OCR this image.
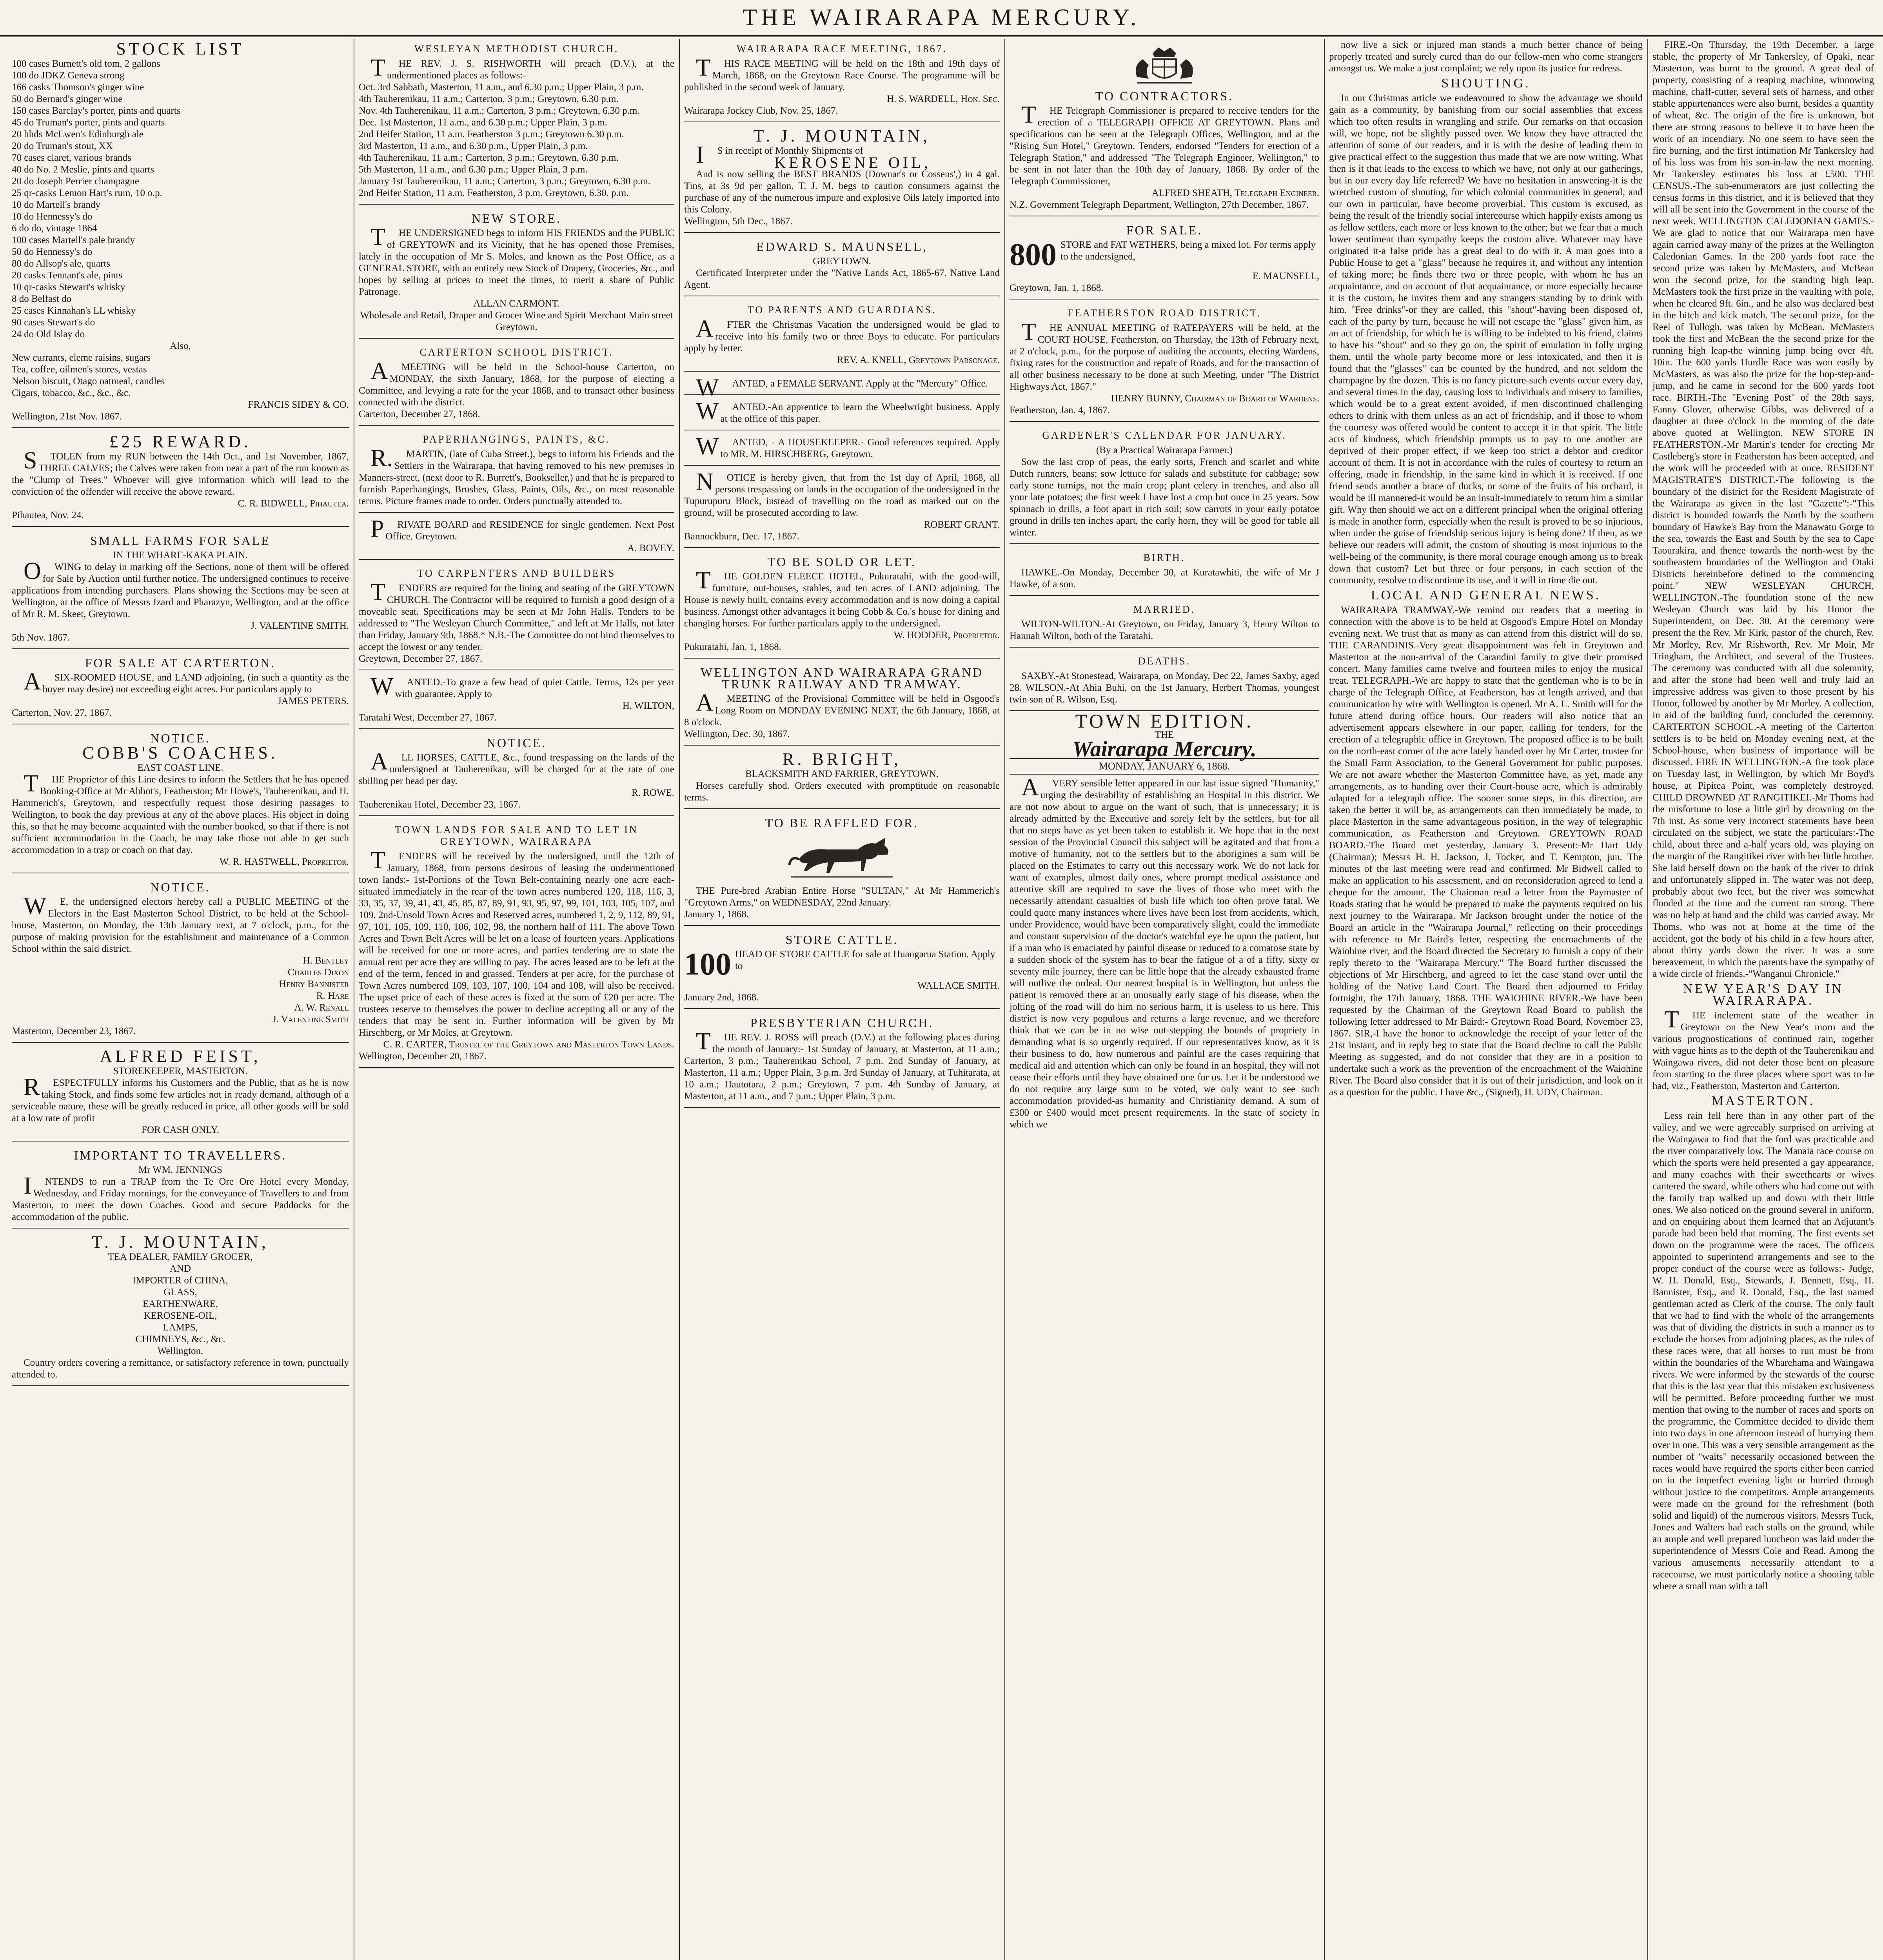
THE WAIRARAPA MERCURY.
STOCK LIST
100 cases Burnett's old tom, 2 gallons
100 do JDKZ Geneva strong
166 casks Thomson's ginger wine
50 do Bernard's ginger wine
150 cases Barclay's porter, pints and quarts
45 do Truman's porter, pints and quarts
20 hhds McEwen's Edinburgh ale
20 do Truman's stout, XX
70 cases claret, various brands
40 do No. 2 Meslie, pints and quarts
20 do Joseph Perrier champagne
25 qr-casks Lemon Hart's rum, 10 o.p.
10 do Martell's brandy
10 do Hennessy's do
6 do do, vintage 1864
100 cases Martell's pale brandy
50 do Hennessy's do
80 do Allsop's ale, quarts
20 casks Tennant's ale, pints
10 qr-casks Stewart's whisky
8 do Belfast do
25 cases Kinnahan's LL whisky
90 cases Stewart's do
24 do Old Islay do
Also,
New currants, eleme raisins, sugars
Tea, coffee, oilmen's stores, vestas
Nelson biscuit, Otago oatmeal, candles
Cigars, tobacco, &c., &c., &c.
FRANCIS SIDEY & CO.
Wellington, 21st Nov. 1867.
£25 REWARD.
STOLEN from my RUN between the 14th Oct., and 1st November, 1867, THREE CALVES; the Calves were taken from near a part of the run known as the "Clump of Trees." Whoever will give information which will lead to the conviction of the offender will receive the above reward.
C. R. BIDWELL, Pihautea.
Pihautea, Nov. 24.
SMALL FARMS FOR SALE
IN THE WHARE-KAKA PLAIN.
OWING to delay in marking off the Sections, none of them will be offered for Sale by Auction until further notice. The undersigned continues to receive applications from intending purchasers. Plans showing the Sections may be seen at Wellington, at the office of Messrs Izard and Pharazyn, Wellington, and at the office of Mr R. M. Skeet, Greytown.
J. VALENTINE SMITH.
5th Nov. 1867.
FOR SALE AT CARTERTON.
ASIX-ROOMED HOUSE, and LAND adjoining, (in such a quantity as the buyer may desire) not exceeding eight acres. For particulars apply to
JAMES PETERS.
Carterton, Nov. 27, 1867.
NOTICE.
COBB'S COACHES.
EAST COAST LINE.
THE Proprietor of this Line desires to inform the Settlers that he has opened Booking-Office at Mr Abbot's, Featherston; Mr Howe's, Tauherenikau, and H. Hammerich's, Greytown, and respectfully request those desiring passages to Wellington, to book the day previous at any of the above places. His object in doing this, so that he may become acquainted with the number booked, so that if there is not sufficient accommodation in the Coach, he may take those not able to get such accommodation in a trap or coach on that day.
W. R. HASTWELL, Proprietor.
NOTICE.
WE, the undersigned electors hereby call a PUBLIC MEETING of the Electors in the East Masterton School District, to be held at the School-house, Masterton, on Monday, the 13th January next, at 7 o'clock, p.m., for the purpose of making provision for the establishment and maintenance of a Common School within the said district.
H. Bentley
Charles Dixon
Henry Bannister
R. Hare
A. W. Renall
J. Valentine Smith
Masterton, December 23, 1867.
ALFRED FEIST,
STOREKEEPER, MASTERTON.
RESPECTFULLY informs his Customers and the Public, that as he is now taking Stock, and finds some few articles not in ready demand, although of a serviceable nature, these will be greatly reduced in price, all other goods will be sold at a low rate of profit
FOR CASH ONLY.
IMPORTANT TO TRAVELLERS.
Mr WM. JENNINGS
INTENDS to run a TRAP from the Te Ore Ore Hotel every Monday, Wednesday, and Friday mornings, for the conveyance of Travellers to and from Masterton, to meet the down Coaches. Good and secure Paddocks for the accommodation of the public.
T. J. MOUNTAIN,
TEA DEALER, FAMILY GROCER,
AND
IMPORTER of CHINA,
GLASS,
EARTHENWARE,
KEROSENE-OIL,
LAMPS,
CHIMNEYS, &c., &c.
Wellington.
Country orders covering a remittance, or satisfactory reference in town, punctually attended to.
WESLEYAN METHODIST CHURCH.
THE REV. J. S. RISHWORTH will preach (D.V.), at the undermentioned places as follows:-
Oct. 3rd Sabbath, Masterton, 11 a.m., and 6.30 p.m.; Upper Plain, 3 p.m.
4th Tauherenikau, 11 a.m.; Carterton, 3 p.m.; Greytown, 6.30 p.m.
Nov. 4th Tauherenikau, 11 a.m.; Carterton, 3 p.m.; Greytown, 6.30 p.m.
Dec. 1st Masterton, 11 a.m., and 6.30 p.m.; Upper Plain, 3 p.m.
2nd Heifer Station, 11 a.m. Featherston 3 p.m.; Greytown 6.30 p.m.
3rd Masterton, 11 a.m., and 6.30 p.m., Upper Plain, 3 p.m.
4th Tauherenikau, 11 a.m.; Carterton, 3 p.m.; Greytown, 6.30 p.m.
5th Masterton, 11 a.m., and 6.30 p.m.; Upper Plain, 3 p.m.
January 1st Tauherenikau, 11 a.m.; Carterton, 3 p.m.; Greytown, 6.30 p.m.
2nd Heifer Station, 11 a.m. Featherston, 3 p.m. Greytown, 6.30. p.m.
NEW STORE.
THE UNDERSIGNED begs to inform HIS FRIENDS and the PUBLIC of GREYTOWN and its Vicinity, that he has opened those Premises, lately in the occupation of Mr S. Moles, and known as the Post Office, as a GENERAL STORE, with an entirely new Stock of Drapery, Groceries, &c., and hopes by selling at prices to meet the times, to merit a share of Public Patronage.
ALLAN CARMONT.
Wholesale and Retail, Draper and Grocer Wine and Spirit Merchant Main street Greytown.
CARTERTON SCHOOL DISTRICT.
AMEETING will be held in the School-house Carterton, on MONDAY, the sixth January, 1868, for the purpose of electing a Committee, and levying a rate for the year 1868, and to transact other business connected with the district.
Carterton, December 27, 1868.
PAPERHANGINGS, PAINTS, &C.
R.MARTIN, (late of Cuba Street.), begs to inform his Friends and the Settlers in the Wairarapa, that having removed to his new premises in Manners-street, (next door to R. Burrett's, Bookseller,) and that he is prepared to furnish Paperhangings, Brushes, Glass, Paints, Oils, &c., on most reasonable terms. Picture frames made to order. Orders punctually attended to.
PRIVATE BOARD and RESIDENCE for single gentlemen. Next Post Office, Greytown.
A. BOVEY.
TO CARPENTERS AND BUILDERS
TENDERS are required for the lining and seating of the GREYTOWN CHURCH. The Contractor will be required to furnish a good design of a moveable seat. Specifications may be seen at Mr John Halls. Tenders to be addressed to "The Wesleyan Church Committee," and left at Mr Halls, not later than Friday, January 9th, 1868.* N.B.-The Committee do not bind themselves to accept the lowest or any tender.
Greytown, December 27, 1867.
WANTED.-To graze a few head of quiet Cattle. Terms, 12s per year with guarantee. Apply to
H. WILTON,
Taratahi West, December 27, 1867.
NOTICE.
ALL HORSES, CATTLE, &c., found trespassing on the lands of the undersigned at Tauherenikau, will be charged for at the rate of one shilling per head per day.
R. ROWE.
Tauherenikau Hotel, December 23, 1867.
TOWN LANDS FOR SALE AND TO LET IN GREYTOWN, WAIRARAPA
TENDERS will be received by the undersigned, until the 12th of January, 1868, from persons desirous of leasing the undermentioned town lands:- 1st-Portions of the Town Belt-containing nearly one acre each-situated immediately in the rear of the town acres numbered 120, 118, 116, 3, 33, 35, 37, 39, 41, 43, 45, 85, 87, 89, 91, 93, 95, 97, 99, 101, 103, 105, 107, and 109. 2nd-Unsold Town Acres and Reserved acres, numbered 1, 2, 9, 112, 89, 91, 97, 101, 105, 109, 110, 106, 102, 98, the northern half of 111. The above Town Acres and Town Belt Acres will be let on a lease of fourteen years. Applications will be received for one or more acres, and parties tendering are to state the annual rent per acre they are willing to pay. The acres leased are to be left at the end of the term, fenced in and grassed. Tenders at per acre, for the purchase of Town Acres numbered 109, 103, 107, 100, 104 and 108, will also be received. The upset price of each of these acres is fixed at the sum of £20 per acre. The trustees reserve to themselves the power to decline accepting all or any of the tenders that may be sent in. Further information will be given by Mr Hirschberg, or Mr Moles, at Greytown.
C. R. CARTER, Trustee of the Greytown and Masterton Town Lands.
Wellington, December 20, 1867.
WAIRARAPA RACE MEETING, 1867.
THIS RACE MEETING will be held on the 18th and 19th days of March, 1868, on the Greytown Race Course. The programme will be published in the second week of January.
H. S. WARDELL, Hon. Sec.
Wairarapa Jockey Club, Nov. 25, 1867.
T. J. MOUNTAIN,
IS in receipt of Monthly Shipments of
KEROSENE OIL,
And is now selling the BEST BRANDS (Downar's or Cossens',) in 4 gal. Tins, at 3s 9d per gallon. T. J. M. begs to caution consumers against the purchase of any of the numerous impure and explosive Oils lately imported into this Colony.
Wellington, 5th Dec., 1867.
EDWARD S. MAUNSELL,
GREYTOWN.
Certificated Interpreter under the "Native Lands Act, 1865-67. Native Land Agent.
TO PARENTS AND GUARDIANS.
AFTER the Christmas Vacation the undersigned would be glad to receive into his family two or three Boys to educate. For particulars apply by letter.
REV. A. KNELL, Greytown Parsonage.
WANTED, a FEMALE SERVANT. Apply at the "Mercury" Office.
WANTED.-An apprentice to learn the Wheelwright business. Apply at the office of this paper.
WANTED, - A HOUSEKEEPER.- Good references required. Apply to MR. M. HIRSCHBERG, Greytown.
NOTICE is hereby given, that from the 1st day of April, 1868, all persons trespassing on lands in the occupation of the undersigned in the Tupurupuru Block, instead of travelling on the road as marked out on the ground, will be prosecuted according to law.
ROBERT GRANT.
Bannockburn, Dec. 17, 1867.
TO BE SOLD OR LET.
THE GOLDEN FLEECE HOTEL, Pukuratahi, with the good-will, furniture, out-houses, stables, and ten acres of LAND adjoining. The House is newly built, contains every accommodation and is now doing a capital business. Amongst other advantages it being Cobb & Co.'s house for dining and changing horses. For further particulars apply to the undersigned.
W. HODDER, Proprietor.
Pukuratahi, Jan. 1, 1868.
WELLINGTON AND WAIRARAPA GRAND TRUNK RAILWAY AND TRAMWAY.
AMEETING of the Provisional Committee will be held in Osgood's Long Room on MONDAY EVENING NEXT, the 6th January, 1868, at 8 o'clock.
Wellington, Dec. 30, 1867.
R. BRIGHT,
BLACKSMITH AND FARRIER, GREYTOWN.
Horses carefully shod. Orders executed with promptitude on reasonable terms.
TO BE RAFFLED FOR.
THE Pure-bred Arabian Entire Horse "SULTAN," At Mr Hammerich's "Greytown Arms," on WEDNESDAY, 22nd January.
January 1, 1868.
STORE CATTLE.
100 HEAD OF STORE CATTLE for sale at Huangarua Station. Apply to
WALLACE SMITH.
January 2nd, 1868.
PRESBYTERIAN CHURCH.
THE REV. J. ROSS will preach (D.V.) at the following places during the month of January:- 1st Sunday of January, at Masterton, at 11 a.m.; Carterton, 3 p.m.; Tauherenikau School, 7 p.m. 2nd Sunday of January, at Masterton, 11 a.m.; Upper Plain, 3 p.m. 3rd Sunday of January, at Tuhitarata, at 10 a.m.; Hautotara, 2 p.m.; Greytown, 7 p.m. 4th Sunday of January, at Masterton, at 11 a.m., and 7 p.m.; Upper Plain, 3 p.m.
TO CONTRACTORS.
THE Telegraph Commissioner is prepared to receive tenders for the erection of a TELEGRAPH OFFICE AT GREYTOWN. Plans and specifications can be seen at the Telegraph Offices, Wellington, and at the "Rising Sun Hotel," Greytown. Tenders, endorsed "Tenders for erection of a Telegraph Station," and addressed "The Telegraph Engineer, Wellington," to be sent in not later than the 10th day of January, 1868. By order of the Telegraph Commissioner,
ALFRED SHEATH, Telegraph Engineer.
N.Z. Government Telegraph Department, Wellington, 27th December, 1867.
FOR SALE.
800 STORE and FAT WETHERS, being a mixed lot. For terms apply to the undersigned,
E. MAUNSELL,
Greytown, Jan. 1, 1868.
FEATHERSTON ROAD DISTRICT.
THE ANNUAL MEETING of RATEPAYERS will be held, at the COURT HOUSE, Featherston, on Thursday, the 13th of February next, at 2 o'clock, p.m., for the purpose of auditing the accounts, electing Wardens, fixing rates for the construction and repair of Roads, and for the transaction of all other business necessary to be done at such Meeting, under "The District Highways Act, 1867."
HENRY BUNNY, Chairman of Board of Wardens.
Featherston, Jan. 4, 1867.
GARDENER'S CALENDAR FOR JANUARY.
(By a Practical Wairarapa Farmer.)
Sow the last crop of peas, the early sorts, French and scarlet and white Dutch runners, beans; sow lettuce for salads and substitute for cabbage; sow early stone turnips, not the main crop; plant celery in trenches, and also all your late potatoes; the first week I have lost a crop but once in 25 years. Sow spinnach in drills, a foot apart in rich soil; sow carrots in your early potatoe ground in drills ten inches apart, the early horn, they will be good for table all winter.
BIRTH.
HAWKE.-On Monday, December 30, at Kuratawhiti, the wife of Mr J Hawke, of a son.
MARRIED.
WILTON-WILTON.-At Greytown, on Friday, January 3, Henry Wilton to Hannah Wilton, both of the Taratahi.
DEATHS.
SAXBY.-At Stonestead, Wairarapa, on Monday, Dec 22, James Saxby, aged 28. WILSON.-At Ahia Buhi, on the 1st January, Herbert Thomas, youngest twin son of R. Wilson, Esq.
TOWN EDITION.
THE
Wairarapa Mercury.
MONDAY, JANUARY 6, 1868.
AVERY sensible letter appeared in our last issue signed "Humanity," urging the desirability of establishing an Hospital in this district. We are not now about to argue on the want of such, that is unnecessary; it is already admitted by the Executive and sorely felt by the settlers, but for all that no steps have as yet been taken to establish it. We hope that in the next session of the Provincial Council this subject will be agitated and that from a motive of humanity, not to the settlers but to the aborigines a sum will be placed on the Estimates to carry out this necessary work. We do not lack for want of examples, almost daily ones, where prompt medical assistance and attentive skill are required to save the lives of those who meet with the necessarily attendant casualties of bush life which too often prove fatal. We could quote many instances where lives have been lost from accidents, which, under Providence, would have been comparatively slight, could the immediate and constant supervision of the doctor's watchful eye be upon the patient, but if a man who is emaciated by painful disease or reduced to a comatose state by a sudden shock of the system has to bear the fatigue of a of a fifty, sixty or seventy mile journey, there can be little hope that the already exhausted frame will outlive the ordeal. Our nearest hospital is in Wellington, but unless the patient is removed there at an unusually early stage of his disease, when the jolting of the road will do him no serious harm, it is useless to us here. This district is now very populous and returns a large revenue, and we therefore think that we can be in no wise out-stepping the bounds of propriety in demanding what is so urgently required. If our representatives know, as it is their business to do, how numerous and painful are the cases requiring that medical aid and attention which can only be found in an hospital, they will not cease their efforts until they have obtained one for us. Let it be understood we do not require any large sum to be voted, we only want to see such accommodation provided-as humanity and Christianity demand. A sum of £300 or £400 would meet present requirements. In the state of society in which we
now live a sick or injured man stands a much better chance of being properly treated and surely cured than do our fellow-men who come strangers amongst us. We make a just complaint; we rely upon its justice for redress.
SHOUTING.
In our Christmas article we endeavoured to show the advantage we should gain as a community, by banishing from our social assemblies that excess which too often results in wrangling and strife. Our remarks on that occasion will, we hope, not be slightly passed over. We know they have attracted the attention of some of our readers, and it is with the desire of leading them to give practical effect to the suggestion thus made that we are now writing. What then is it that leads to the excess to which we have, not only at our gatherings, but in our every day life referred? We have no hesitation in answering-it is the wretched custom of shouting, for which colonial communities in general, and our own in particular, have become proverbial. This custom is excused, as being the result of the friendly social intercourse which happily exists among us as fellow settlers, each more or less known to the other; but we fear that a much lower sentiment than sympathy keeps the custom alive. Whatever may have originated it-a false pride has a great deal to do with it. A man goes into a Public House to get a "glass" because he requires it, and without any intention of taking more; he finds there two or three people, with whom he has an acquaintance, and on account of that acquaintance, or more especially because it is the custom, he invites them and any strangers standing by to drink with him. "Free drinks"-or they are called, this "shout"-having been disposed of, each of the party by turn, because he will not escape the "glass" given him, as an act of friendship, for which he is willing to be indebted to his friend, claims to have his "shout" and so they go on, the spirit of emulation in folly urging them, until the whole party become more or less intoxicated, and then it is found that the "glasses" can be counted by the hundred, and not seldom the champagne by the dozen. This is no fancy picture-such events occur every day, and several times in the day, causing loss to individuals and misery to families, which would be to a great extent avoided, if men discontinued challenging others to drink with them unless as an act of friendship, and if those to whom the courtesy was offered would be content to accept it in that spirit. The little acts of kindness, which friendship prompts us to pay to one another are deprived of their proper effect, if we keep too strict a debtor and creditor account of them. It is not in accordance with the rules of courtesy to return an offering, made in friendship, in the same kind in which it is received. If one friend sends another a brace of ducks, or some of the fruits of his orchard, it would be ill mannered-it would be an insult-immediately to return him a similar gift. Why then should we act on a different principal when the original offering is made in another form, especially when the result is proved to be so injurious, when under the guise of friendship serious injury is being done? If then, as we believe our readers will admit, the custom of shouting is most injurious to the well-being of the community, is there moral courage enough among us to break down that custom? Let but three or four persons, in each section of the community, resolve to discontinue its use, and it will in time die out.
LOCAL AND GENERAL NEWS.
WAIRARAPA TRAMWAY.-We remind our readers that a meeting in connection with the above is to be held at Osgood's Empire Hotel on Monday evening next. We trust that as many as can attend from this district will do so. THE CARANDINIS.-Very great disappointment was felt in Greytown and Masterton at the non-arrival of the Carandini family to give their promised concert. Many families came twelve and fourteen miles to enjoy the musical treat. TELEGRAPH.-We are happy to state that the gentleman who is to be in charge of the Telegraph Office, at Featherston, has at length arrived, and that communication by wire with Wellington is opened. Mr A. L. Smith will for the future attend during office hours. Our readers will also notice that an advertisement appears elsewhere in our paper, calling for tenders, for the erection of a telegraphic office in Greytown. The proposed office is to be built on the north-east corner of the acre lately handed over by Mr Carter, trustee for the Small Farm Association, to the General Government for public purposes. We are not aware whether the Masterton Committee have, as yet, made any arrangements, as to handing over their Court-house acre, which is admirably adapted for a telegraph office. The sooner some steps, in this direction, are taken the better it will be, as arrangements can then immediately be made, to place Masterton in the same advantageous position, in the way of telegraphic communication, as Featherston and Greytown. GREYTOWN ROAD BOARD.-The Board met yesterday, January 3. Present:-Mr Hart Udy (Chairman); Messrs H. H. Jackson, J. Tocker, and T. Kempton, jun. The minutes of the last meeting were read and confirmed. Mr Bidwell called to make an application to his assessment, and on reconsideration agreed to lend a cheque for the amount. The Chairman read a letter from the Paymaster of Roads stating that he would be prepared to make the payments required on his next journey to the Wairarapa. Mr Jackson brought under the notice of the Board an article in the "Wairarapa Journal," reflecting on their proceedings with reference to Mr Baird's letter, respecting the encroachments of the Waiohine river, and the Board directed the Secretary to furnish a copy of their reply thereto to the "Wairarapa Mercury." The Board further discussed the objections of Mr Hirschberg, and agreed to let the case stand over until the holding of the Native Land Court. The Board then adjourned to Friday fortnight, the 17th January, 1868. THE WAIOHINE RIVER.-We have been requested by the Chairman of the Greytown Road Board to publish the following letter addressed to Mr Baird:- Greytown Road Board, November 23, 1867. SIR,-I have the honor to acknowledge the receipt of your letter of the 21st instant, and in reply beg to state that the Board decline to call the Public Meeting as suggested, and do not consider that they are in a position to undertake such a work as the prevention of the encroachment of the Waiohine River. The Board also consider that it is out of their jurisdiction, and look on it as a question for the public. I have &c., (Signed), H. UDY, Chairman.
FIRE.-On Thursday, the 19th December, a large stable, the property of Mr Tankersley, of Opaki, near Masterton, was burnt to the ground. A great deal of property, consisting of a reaping machine, winnowing machine, chaff-cutter, several sets of harness, and other stable appurtenances were also burnt, besides a quantity of wheat, &c. The origin of the fire is unknown, but there are strong reasons to believe it to have been the work of an incendiary. No one seem to have seen the fire burning, and the first intimation Mr Tankersley had of his loss was from his son-in-law the next morning. Mr Tankersley estimates his loss at £500. THE CENSUS.-The sub-enumerators are just collecting the census forms in this district, and it is believed that they will all be sent into the Government in the course of the next week. WELLINGTON CALEDONIAN GAMES.-We are glad to notice that our Wairarapa men have again carried away many of the prizes at the Wellington Caledonian Games. In the 200 yards foot race the second prize was taken by McMasters, and McBean won the second prize, for the standing high leap. McMasters took the first prize in the vaulting with pole, when he cleared 9ft. 6in., and he also was declared best in the hitch and kick match. The second prize, for the Reel of Tullogh, was taken by McBean. McMasters took the first and McBean the the second prize for the running high leap-the winning jump being over 4ft. 10in. The 600 yards Hurdle Race was won easily by McMasters, as was also the prize for the hop-step-and-jump, and he came in second for the 600 yards foot race. BIRTH.-The "Evening Post" of the 28th says, Fanny Glover, otherwise Gibbs, was delivered of a daughter at three o'clock in the morning of the date above quoted at Wellington. NEW STORE IN FEATHERSTON.-Mr Martin's tender for erecting Mr Castleberg's store in Featherston has been accepted, and the work will be proceeded with at once. RESIDENT MAGISTRATE'S DISTRICT.-The following is the boundary of the district for the Resident Magistrate of the Wairarapa as given in the last "Gazette":-"This district is bounded towards the North by the southern boundary of Hawke's Bay from the Manawatu Gorge to the sea, towards the East and South by the sea to Cape Taourakira, and thence towards the north-west by the southeastern boundaries of the Wellington and Otaki Districts hereinbefore defined to the commencing point." NEW WESLEYAN CHURCH, WELLINGTON.-The foundation stone of the new Wesleyan Church was laid by his Honor the Superintendent, on Dec. 30. At the ceremony were present the the Rev. Mr Kirk, pastor of the church, Rev. Mr Morley, Rev. Mr Rishworth, Rev. Mr Moir, Mr Tringham, the Architect, and several of the Trustees. The ceremony was conducted with all due solemnity, and after the stone had been well and truly laid an impressive address was given to those present by his Honor, followed by another by Mr Morley. A collection, in aid of the building fund, concluded the ceremony. CARTERTON SCHOOL.-A meeting of the Carterton settlers is to be held on Monday evening next, at the School-house, when business of importance will be discussed. FIRE IN WELLINGTON.-A fire took place on Tuesday last, in Wellington, by which Mr Boyd's house, at Pipitea Point, was completely destroyed. CHILD DROWNED AT RANGITIKEI.-Mr Thoms had the misfortune to lose a little girl by drowning on the 7th inst. As some very incorrect statements have been circulated on the subject, we state the particulars:-The child, about three and a-half years old, was playing on the margin of the Rangitikei river with her little brother. She laid herself down on the bank of the river to drink and unfortunately slipped in. The water was not deep, probably about two feet, but the river was somewhat flooded at the time and the current ran strong. There was no help at hand and the child was carried away. Mr Thoms, who was not at home at the time of the accident, got the body of his child in a few hours after, about thirty yards down the river. It was a sore bereavement, in which the parents have the sympathy of a wide circle of friends.-"Wanganui Chronicle."
NEW YEAR'S DAY IN WAIRARAPA.
THE inclement state of the weather in Greytown on the New Year's morn and the various prognostications of continued rain, together with vague hints as to the depth of the Tauherenikau and Waingawa rivers, did not deter those bent on pleasure from starting to the three places where sport was to be had, viz., Featherston, Masterton and Carterton.
MASTERTON.
Less rain fell here than in any other part of the valley, and we were agreeably surprised on arriving at the Waingawa to find that the ford was practicable and the river comparatively low. The Manaia race course on which the sports were held presented a gay appearance, and many coaches with their sweethearts or wives cantered the sward, while others who had come out with the family trap walked up and down with their little ones. We also noticed on the ground several in uniform, and on enquiring about them learned that an Adjutant's parade had been held that morning. The first events set down on the programme were the races. The officers appointed to superintend arrangements and see to the proper conduct of the course were as follows:- Judge, W. H. Donald, Esq., Stewards, J. Bennett, Esq., H. Bannister, Esq., and R. Donald, Esq., the last named gentleman acted as Clerk of the course. The only fault that we had to find with the whole of the arrangements was that of dividing the districts in such a manner as to exclude the horses from adjoining places, as the rules of these races were, that all horses to run must be from within the boundaries of the Wharehama and Waingawa rivers. We were informed by the stewards of the course that this is the last year that this mistaken exclusiveness will be permitted. Before proceeding further we must mention that owing to the number of races and sports on the programme, the Committee decided to divide them into two days in one afternoon instead of hurrying them over in one. This was a very sensible arrangement as the number of "waits" necessarily occasioned between the races would have required the sports either been carried on in the imperfect evening light or hurried through without justice to the competitors. Ample arrangements were made on the ground for the refreshment (both solid and liquid) of the numerous visitors. Messrs Tuck, Jones and Walters had each stalls on the ground, while an ample and well prepared luncheon was laid under the superintendence of Messrs Cole and Read. Among the various amusements necessarily attendant to a racecourse, we must particularly notice a shooting table where a small man with a tall
